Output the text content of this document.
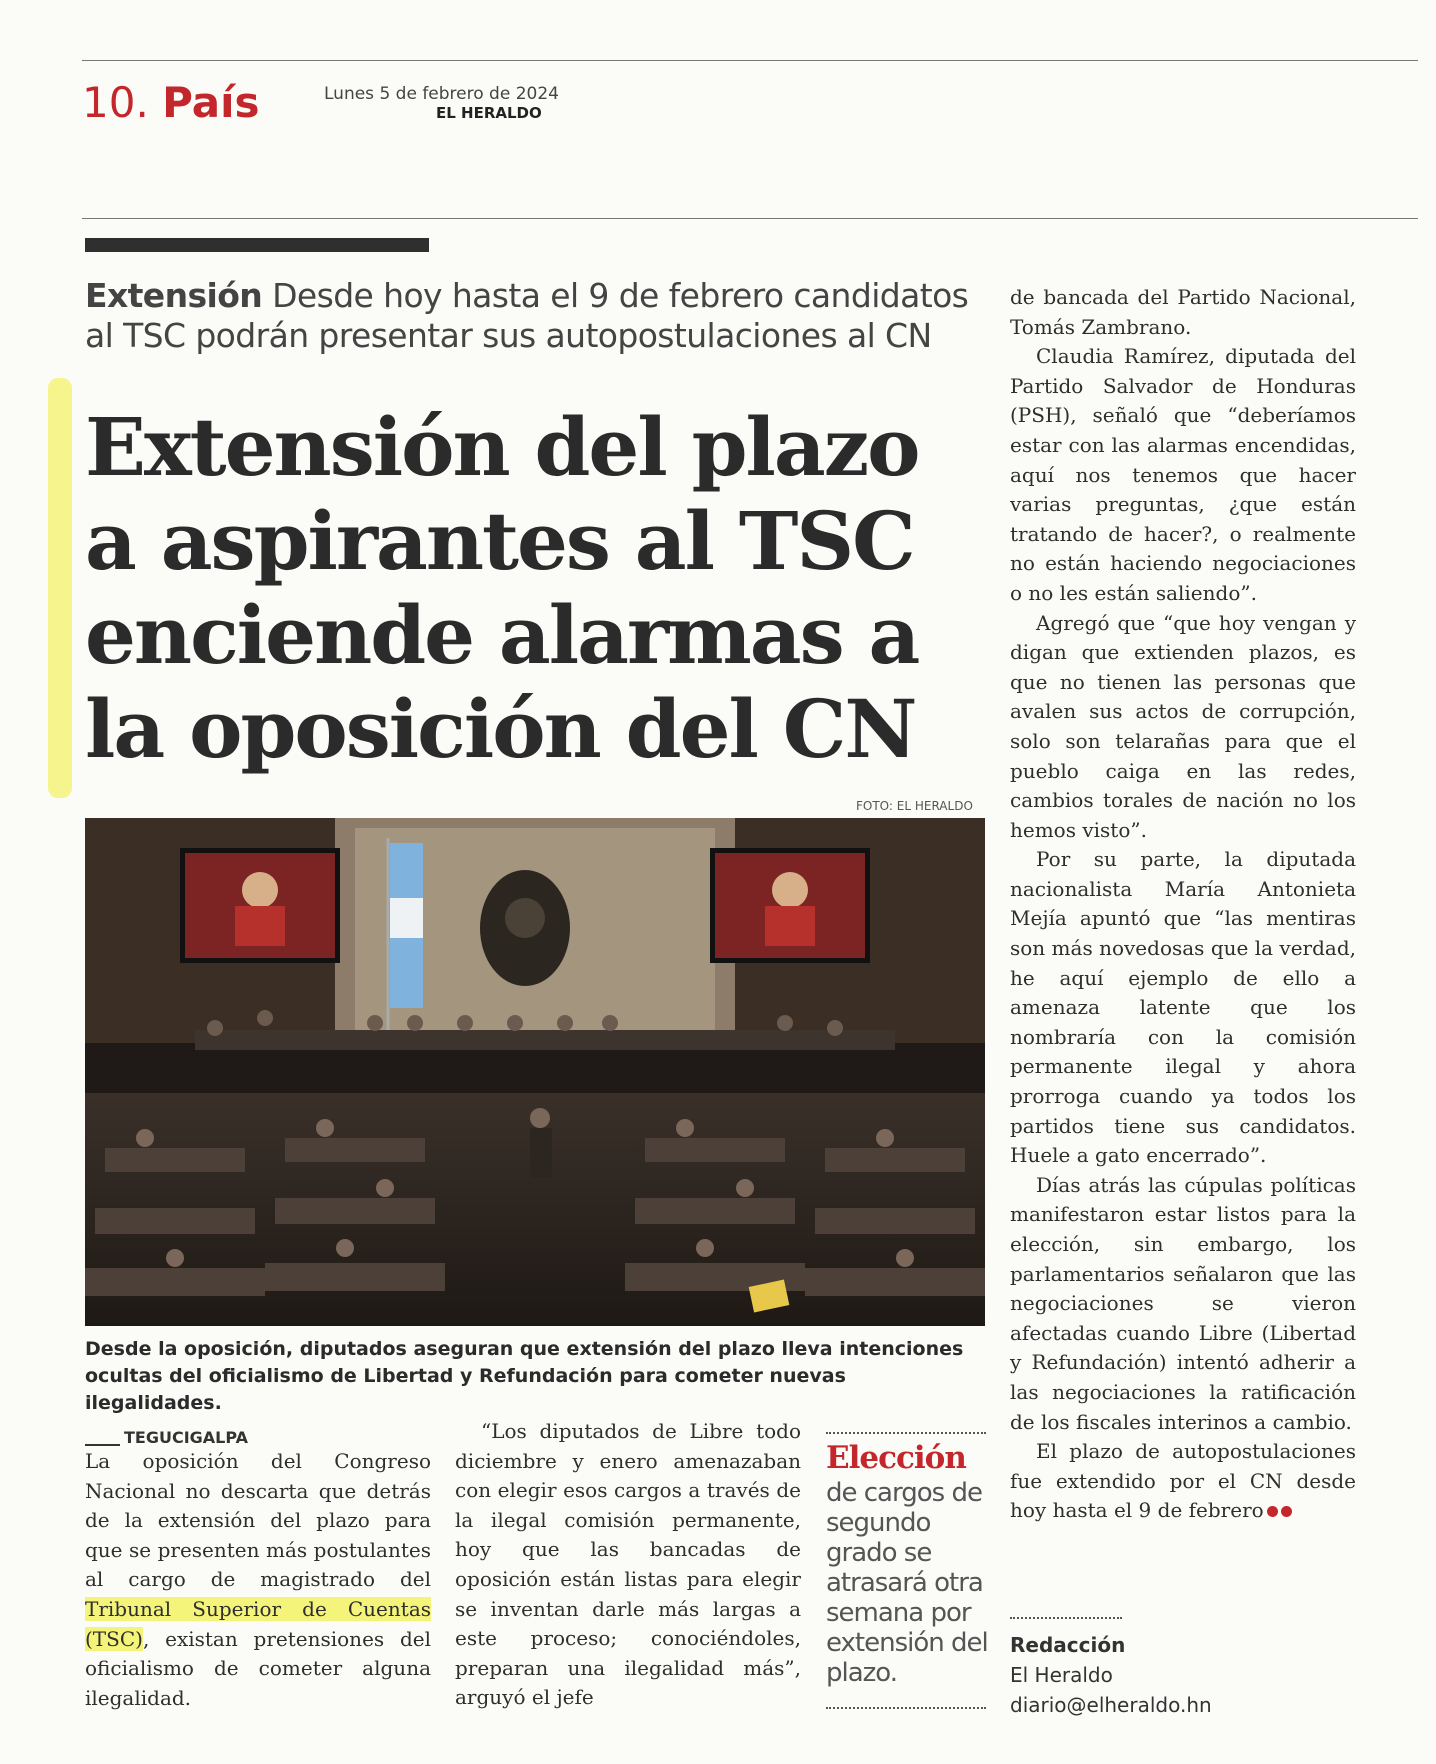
10. País	Lunes 5 de febrero de 2024
EL HERALDO
Extensión Desde hoy hasta el 9 de febrero candidatos al TSC podrán presentar sus autopostulaciones al CN
Extensión del plazo a aspirantes al TSC enciende alarmas a la oposición del CN
FOTO: EL HERALDO
Desde la oposición, diputados aseguran que extensión del plazo lleva intenciones ocultas del oficialismo de Libertad y Refundación para cometer nuevas ilegalidades.
TEGUCIGALPA

La oposición del Congreso Nacional no descarta que detrás de la extensión del plazo para que se presenten más postulantes al cargo de magistrado del Tribunal Superior de Cuentas (TSC), existan pretensiones del oficialismo de cometer alguna ilegalidad.

“Los diputados de Libre todo diciembre y enero amenazaban con elegir esos cargos a través de la ilegal comisión permanente, hoy que las bancadas de oposición están listas para elegir se inventan darle más largas a este proceso; conociéndoles, preparan una ilegalidad más”, arguyó el jefe

Elección
de cargos de segundo grado se atrasará otra semana por extensión del plazo.

de bancada del Partido Nacional, Tomás Zambrano.

Claudia Ramírez, diputada del Partido Salvador de Honduras (PSH), señaló que “deberíamos estar con las alarmas encendidas, aquí nos tenemos que hacer varias preguntas, ¿que están tratando de hacer?, o realmente no están haciendo negociaciones o no les están saliendo”.

Agregó que “que hoy vengan y digan que extienden plazos, es que no tienen las personas que avalen sus actos de corrupción, solo son telarañas para que el pueblo caiga en las redes, cambios torales de nación no los hemos visto”.

Por su parte, la diputada nacionalista María Antonieta Mejía apuntó que “las mentiras son más novedosas que la verdad, he aquí ejemplo de ello a amenaza latente que los nombraría con la comisión permanente ilegal y ahora prorroga cuando ya todos los partidos tiene sus candidatos. Huele a gato encerrado”.

Días atrás las cúpulas políticas manifestaron estar listos para la elección, sin embargo, los parlamentarios señalaron que las negociaciones se vieron afectadas cuando Libre (Libertad y Refundación) intentó adherir a las negociaciones la ratificación de los fiscales interinos a cambio.

El plazo de autopostulaciones fue extendido por el CN desde hoy hasta el 9 de febrero

Redacción
El Heraldo
diario@elheraldo.hn
